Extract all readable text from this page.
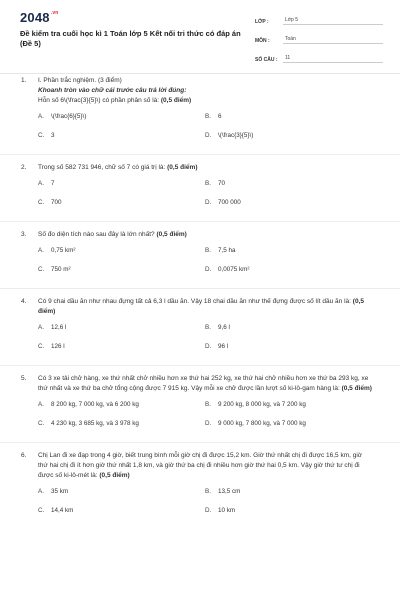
$2048^{.vn}$
Đề kiểm tra cuối học kì 1 Toán lớp 5 Kết nối tri thức có đáp án (Đề 5)
LỚP :	Lớp 5
MÔN :	Toán
SỐ CÂU :	11
1. I. Phần trắc nghiệm. (3 điểm)
Khoanh tròn vào chữ cái trước câu trả lời đúng:
Hỗn số 6\(\frac{3}{5}\) có phần phân số là: (0,5 điểm)
A.	\(\frac{6}{5}\)	B.	6
C.	3	D.	\(\frac{3}{5}\)
2. Trong số 582 731 946, chữ số 7 có giá trị là: (0,5 điểm)
A.	7	B.	70
C.	700	D.	700 000
3. Số đo diện tích nào sau đây là lớn nhất? (0,5 điểm)
A.	0,75 km²	B.	7,5 ha
C.	750 m²	D.	0,0075 km²
4. Có 9 chai dầu ăn như nhau đựng tất cả 6,3 l dầu ăn. Vậy 18 chai dầu ăn như thế đựng được số lít dầu ăn là: (0,5 điểm)
A.	12,6 l	B.	9,6 l
C.	126 l	D.	96 l
5. Có 3 xe tải chở hàng, xe thứ nhất chở nhiều hơn xe thứ hai 252 kg, xe thứ hai chở nhiều hơn xe thứ ba 293 kg, xe thứ nhất và xe thứ ba chở tổng cộng được 7 915 kg. Vậy mỗi xe chở được lần lượt số ki-lô-gam hàng là: (0,5 điểm)
A.	8 200 kg, 7 000 kg, và 6 200 kg	B.	9 200 kg, 8 000 kg, và 7 200 kg
C.	4 230 kg, 3 685 kg, và 3 978 kg	D.	9 000 kg, 7 800 kg, và 7 000 kg
6. Chị Lan đi xe đạp trong 4 giờ, biết trung bình mỗi giờ chị đi được 15,2 km. Giờ thứ nhất chị đi được 16,5 km, giờ thứ hai chị đi ít hơn giờ thứ nhất 1,8 km, và giờ thứ ba chị đi nhiều hơn giờ thứ hai 0,5 km. Vậy giờ thứ tư chị đi được số ki-lô-mét là: (0,5 điểm)
A.	35 km	B.	13,5 cm
C.	14,4 km	D.	10 km
